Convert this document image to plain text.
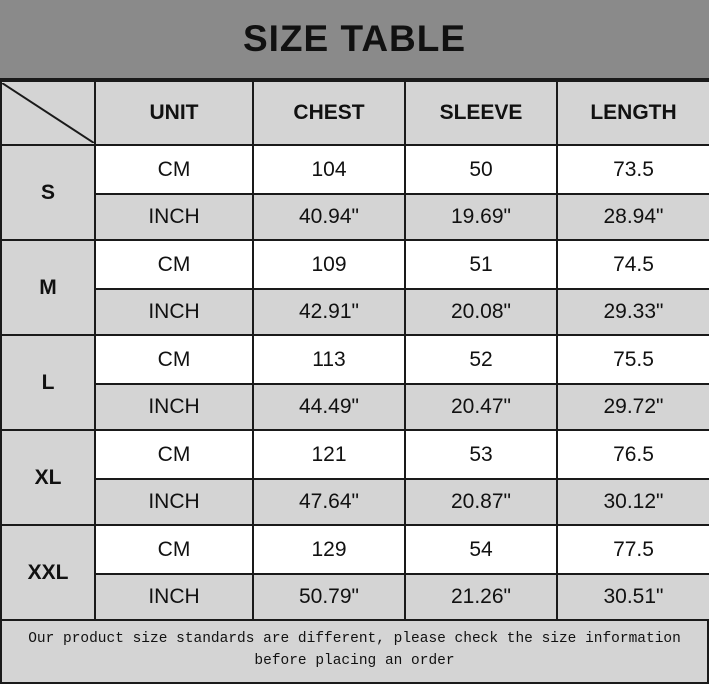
SIZE TABLE
	UNIT	CHEST	SLEEVE	LENGTH
S	CM	104	50	73.5
	INCH	40.94"	19.69"	28.94"
M	CM	109	51	74.5
	INCH	42.91"	20.08"	29.33"
L	CM	113	52	75.5
	INCH	44.49"	20.47"	29.72"
XL	CM	121	53	76.5
	INCH	47.64"	20.87"	30.12"
XXL	CM	129	54	77.5
	INCH	50.79"	21.26"	30.51"
Our product size standards are different, please check the size information
before placing an order
